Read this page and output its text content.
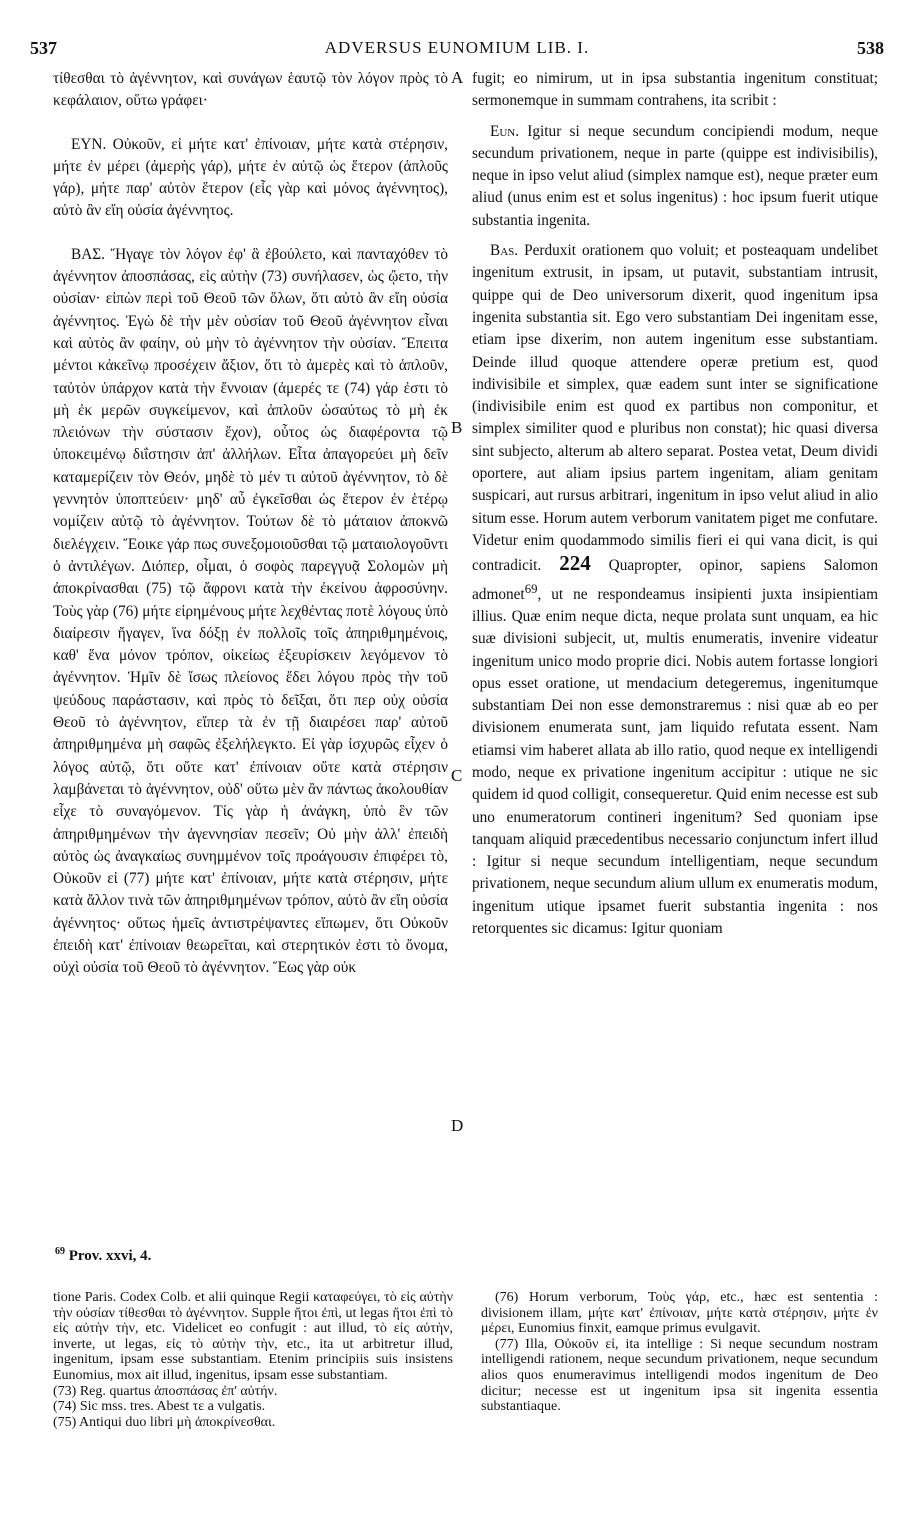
537	ADVERSUS EUNOMIUM LIB. I.	538

τίθεσθαι τὸ ἀγέννητον, καὶ συνάγων ἑαυτῷ τὸν λόγον πρὸς τὸ κεφάλαιον, οὕτω γράφει·

ΕΥΝ. Οὐκοῦν, εἰ μήτε κατ' ἐπίνοιαν, μήτε κατὰ στέρησιν, μήτε ἐν μέρει (ἀμερὴς γάρ), μήτε ἐν αὐτῷ ὡς ἕτερον (ἁπλοῦς γάρ), μήτε παρ' αὐτὸν ἕτερον (εἷς γὰρ καὶ μόνος ἀγέννητος), αὐτὸ ἂν εἴη οὐσία ἀγέννητος.

ΒΑΣ. Ἤγαγε τὸν λόγον ἐφ' ἃ ἐβούλετο, καὶ πανταχόθεν τὸ ἀγέννητον ἀποσπάσας, εἰς αὐτὴν (73) συνήλασεν, ὡς ᾤετο, τὴν οὐσίαν· εἰπὼν περὶ τοῦ Θεοῦ τῶν ὅλων, ὅτι αὐτὸ ἂν εἴη οὐσία ἀγέννητος. Ἐγὼ δὲ τὴν μὲν οὐσίαν τοῦ Θεοῦ ἀγέννητον εἶναι καὶ αὐτὸς ἂν φαίην, οὐ μὴν τὸ ἀγέννητον τὴν οὐσίαν. Ἔπειτα μέντοι κἀκεῖνῳ προσέχειν ἄξιον, ὅτι τὸ ἀμερὲς καὶ τὸ ἁπλοῦν, ταὐτὸν ὑπάρχον κατὰ τὴν ἔννοιαν (ἀμερές τε (74) γάρ ἐστι τὸ μὴ ἐκ μερῶν συγκείμενον, καὶ ἁπλοῦν ὡσαύτως τὸ μὴ ἐκ πλειόνων τὴν σύστασιν ἔχον), οὗτος ὡς διαφέροντα τῷ ὑποκειμένῳ διΐστησιν ἀπ' ἀλλήλων. Εἶτα ἀπαγορεύει μὴ δεῖν καταμερίζειν τὸν Θεόν, μηδὲ τὸ μέν τι αὐτοῦ ἀγέννητον, τὸ δὲ γεννητὸν ὑποπτεύειν· μηδ' αὖ ἐγκεῖσθαι ὡς ἕτερον ἐν ἑτέρῳ νομίζειν αὐτῷ τὸ ἀγέννητον. Τούτων δὲ τὸ μάταιον ἀποκνῶ διελέγχειν. Ἔοικε γάρ πως συνεξομοιοῦσθαι τῷ ματαιολογοῦντι ὁ ἀντιλέγων. Διόπερ, οἶμαι, ὁ σοφὸς παρεγγυᾷ Σολομὼν μὴ ἀποκρίνασθαι (75) τῷ ἄφρονι κατὰ τὴν ἐκείνου ἀφροσύνην. Τοὺς γὰρ (76) μήτε εἰρημένους μήτε λεχθέντας ποτὲ λόγους ὑπὸ διαίρεσιν ἤγαγεν, ἵνα δόξῃ ἐν πολλοῖς τοῖς ἀπηριθμημένοις, καθ' ἕνα μόνον τρόπον, οἰκείως ἐξευρίσκειν λεγόμενον τὸ ἀγέννητον. Ἡμῖν δὲ ἴσως πλείονος ἔδει λόγου πρὸς τὴν τοῦ ψεύδους παράστασιν, καὶ πρὸς τὸ δεῖξαι, ὅτι περ οὐχ οὐσία Θεοῦ τὸ ἀγέννητον, εἴπερ τὰ ἐν τῇ διαιρέσει παρ' αὐτοῦ ἀπηριθμημένα μὴ σαφῶς ἐξελήλεγκτο. Εἰ γὰρ ἰσχυρῶς εἶχεν ὁ λόγος αὐτῷ, ὅτι οὔτε κατ' ἐπίνοιαν οὔτε κατὰ στέρησιν λαμβάνεται τὸ ἀγέννητον, οὐδ' οὕτω μὲν ἂν πάντως ἀκολουθίαν εἶχε τὸ συναγόμενον. Τίς γὰρ ἡ ἀνάγκη, ὑπὸ ἓν τῶν ἀπηριθμημένων τὴν ἀγεννησίαν πεσεῖν; Οὐ μὴν ἀλλ' ἐπειδὴ αὐτὸς ὡς ἀναγκαίως συνημμένον τοῖς προάγουσιν ἐπιφέρει τὸ, Οὐκοῦν εἰ (77) μήτε κατ' ἐπίνοιαν, μήτε κατὰ στέρησιν, μήτε κατὰ ἄλλον τινὰ τῶν ἀπηριθμημένων τρόπον, αὐτὸ ἂν εἴη οὐσία ἀγέννητος· οὕτως ἡμεῖς ἀντιστρέψαντες εἴπωμεν, ὅτι Οὐκοῦν ἐπειδὴ κατ' ἐπίνοιαν θεωρεῖται, καὶ στερητικόν ἐστι τὸ ὄνομα, οὐχὶ οὐσία τοῦ Θεοῦ τὸ ἀγέννητον. Ἕως γὰρ οὐκ

A
B
C
D

fugit; eo nimirum, ut in ipsa substantia ingenitum constituat; sermonemque in summam contrahens, ita scribit :

Eun. Igitur si neque secundum concipiendi modum, neque secundum privationem, neque in parte (quippe est indivisibilis), neque in ipso velut aliud (simplex namque est), neque præter eum aliud (unus enim est et solus ingenitus) : hoc ipsum fuerit utique substantia ingenita.

Bas. Perduxit orationem quo voluit; et posteaquam undelibet ingenitum extrusit, in ipsam, ut putavit, substantiam intrusit, quippe qui de Deo universorum dixerit, quod ingenitum ipsa ingenita substantia sit. Ego vero substantiam Dei ingenitam esse, etiam ipse dixerim, non autem ingenitum esse substantiam. Deinde illud quoque attendere operæ pretium est, quod indivisibile et simplex, quæ eadem sunt inter se significatione (indivisibile enim est quod ex partibus non componitur, et simplex similiter quod e pluribus non constat); hic quasi diversa sint subjecto, alterum ab altero separat. Postea vetat, Deum dividi oportere, aut aliam ipsius partem ingenitam, aliam genitam suspicari, aut rursus arbitrari, ingenitum in ipso velut aliud in alio situm esse. Horum autem verborum vanitatem piget me confutare. Videtur enim quodammodo similis fieri ei qui vana dicit, is qui contradicit. 224 Quapropter, opinor, sapiens Salomon admonet$^{69}$, ut ne respondeamus insipienti juxta insipientiam illius. Quæ enim neque dicta, neque prolata sunt unquam, ea hic suæ divisioni subjecit, ut, multis enumeratis, invenire videatur ingenitum unico modo proprie dici. Nobis autem fortasse longiori opus esset oratione, ut mendacium detegeremus, ingenitumque substantiam Dei non esse demonstraremus : nisi quæ ab eo per divisionem enumerata sunt, jam liquido refutata essent. Nam etiamsi vim haberet allata ab illo ratio, quod neque ex intelligendi modo, neque ex privatione ingenitum accipitur : utique ne sic quidem id quod colligit, consequeretur. Quid enim necesse est sub uno enumeratorum contineri ingenitum? Sed quoniam ipse tanquam aliquid præcedentibus necessario conjunctum infert illud : Igitur si neque secundum intelligentiam, neque secundum privationem, neque secundum alium ullum ex enumeratis modum, ingenitum utique ipsamet fuerit substantia ingenita : nos retorquentes sic dicamus: Igitur quoniam

$^{69}$ Prov. xxvi, 4.

tione Paris. Codex Colb. et alii quinque Regii καταφεύγει, τὸ εἰς αὐτὴν τὴν οὐσίαν τίθεσθαι τὸ ἀγέννητον. Supple ἤτοι ἐπὶ, ut legas ἤτοι ἐπὶ τὸ εἰς αὐτὴν τὴν, etc. Videlicet eo confugit : aut illud, τὸ εἰς αὐτὴν, inverte, ut legas, εἰς τὸ αὐτὴν τὴν, etc., ita ut arbitretur illud, ingenitum, ipsam esse substantiam. Etenim principiis suis insistens Eunomius, mox ait illud, ingenitus, ipsam esse substantiam.

(73) Reg. quartus ἀποσπάσας ἐπ' αὐτήν.

(74) Sic mss. tres. Abest τε a vulgatis.

(75) Antiqui duo libri μὴ ἀποκρίνεσθαι.

(76) Horum verborum, Τοὺς γάρ, etc., hæc est sententia : divisionem illam, μήτε κατ' ἐπίνοιαν, μήτε κατὰ στέρησιν, μήτε ἐν μέρει, Eunomius finxit, eamque primus evulgavit.

(77) Illa, Οὐκοῦν εἰ, ita intellige : Si neque secundum nostram intelligendi rationem, neque secundum privationem, neque secundum alios quos enumeravimus intelligendi modos ingenitum de Deo dicitur; necesse est ut ingenitum ipsa sit ingenita essentia substantiaque.
